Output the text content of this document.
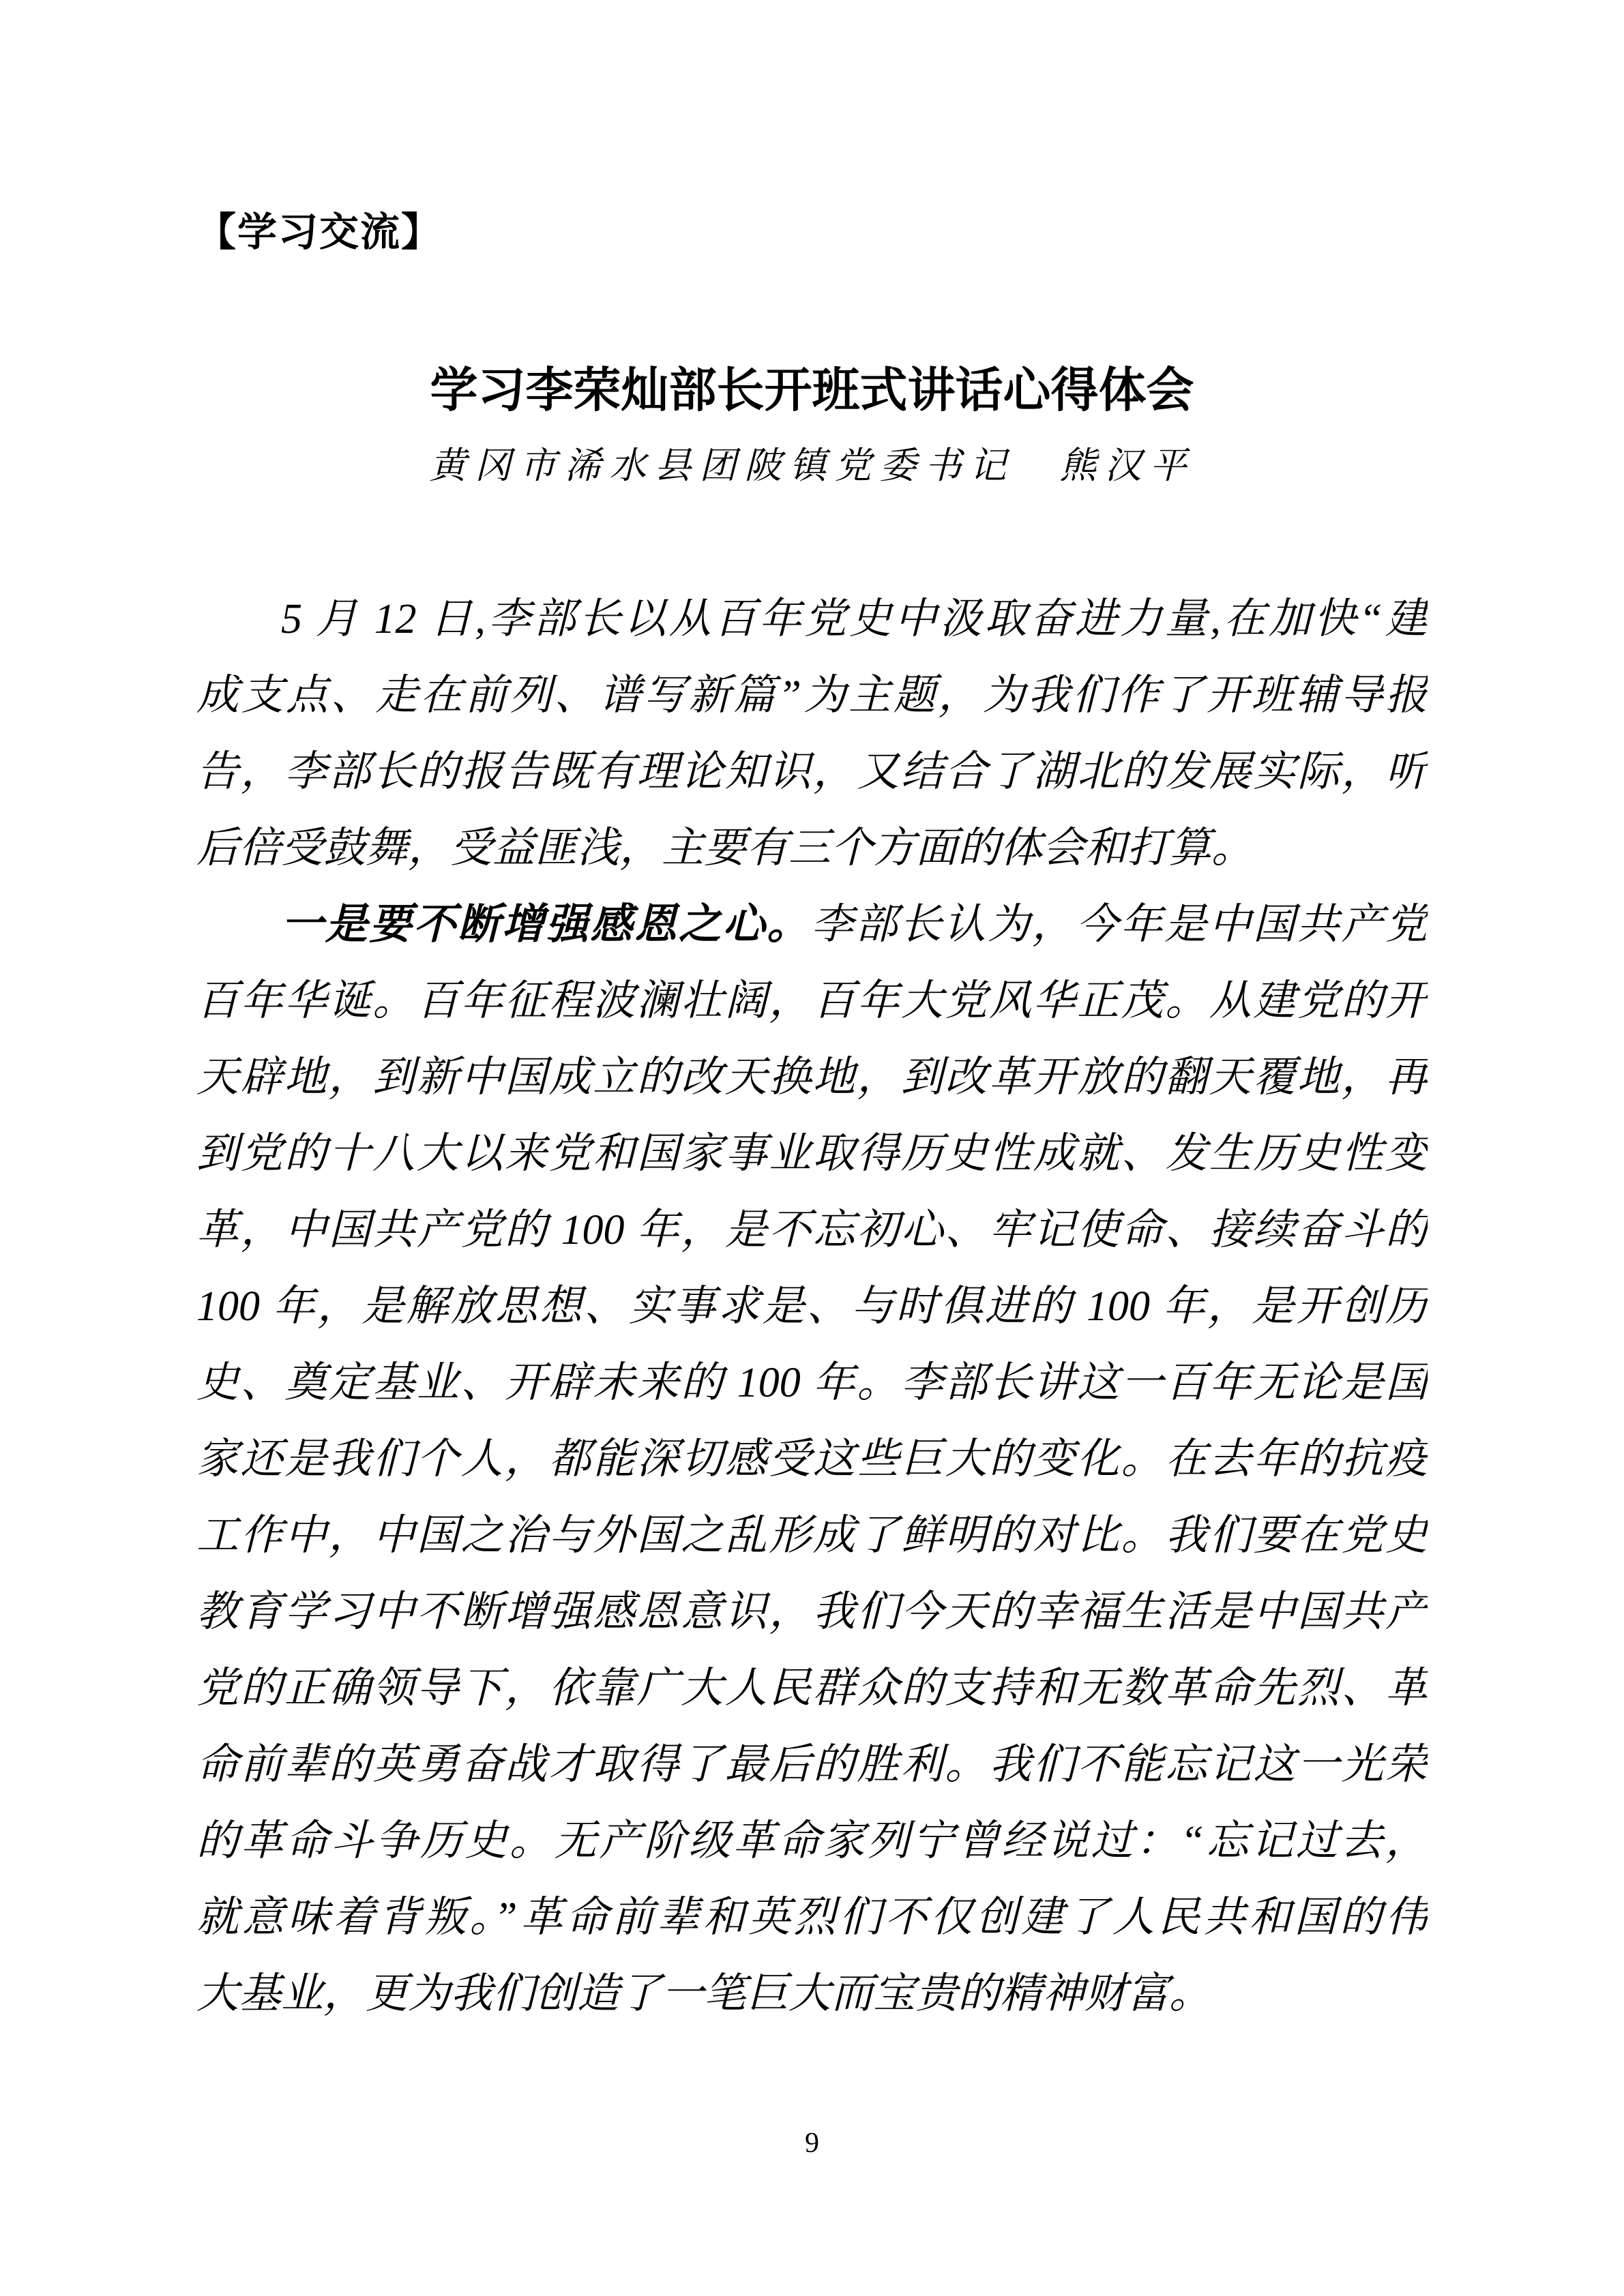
【学习交流】
学习李荣灿部长开班式讲话心得体会
黄冈市浠水县团陂镇党委书记　熊汉平
5 月 12 日,李部长以从百年党史中汲取奋进力量,在加快“建
成支点、走在前列、谱写新篇”为主题，为我们作了开班辅导报
告，李部长的报告既有理论知识，又结合了湖北的发展实际，听
后倍受鼓舞，受益匪浅，主要有三个方面的体会和打算。
一是要不断增强感恩之心。李部长认为，今年是中国共产党
百年华诞。百年征程波澜壮阔，百年大党风华正茂。从建党的开
天辟地，到新中国成立的改天换地，到改革开放的翻天覆地，再
到党的十八大以来党和国家事业取得历史性成就、发生历史性变
革，中国共产党的 100 年，是不忘初心、牢记使命、接续奋斗的
100 年，是解放思想、实事求是、与时俱进的 100 年，是开创历
史、奠定基业、开辟未来的 100 年。李部长讲这一百年无论是国
家还是我们个人，都能深切感受这些巨大的变化。在去年的抗疫
工作中，中国之治与外国之乱形成了鲜明的对比。我们要在党史
教育学习中不断增强感恩意识，我们今天的幸福生活是中国共产
党的正确领导下，依靠广大人民群众的支持和无数革命先烈、革
命前辈的英勇奋战才取得了最后的胜利。我们不能忘记这一光荣
的革命斗争历史。无产阶级革命家列宁曾经说过：“忘记过去，
就意味着背叛。”革命前辈和英烈们不仅创建了人民共和国的伟
大基业，更为我们创造了一笔巨大而宝贵的精神财富。
9
